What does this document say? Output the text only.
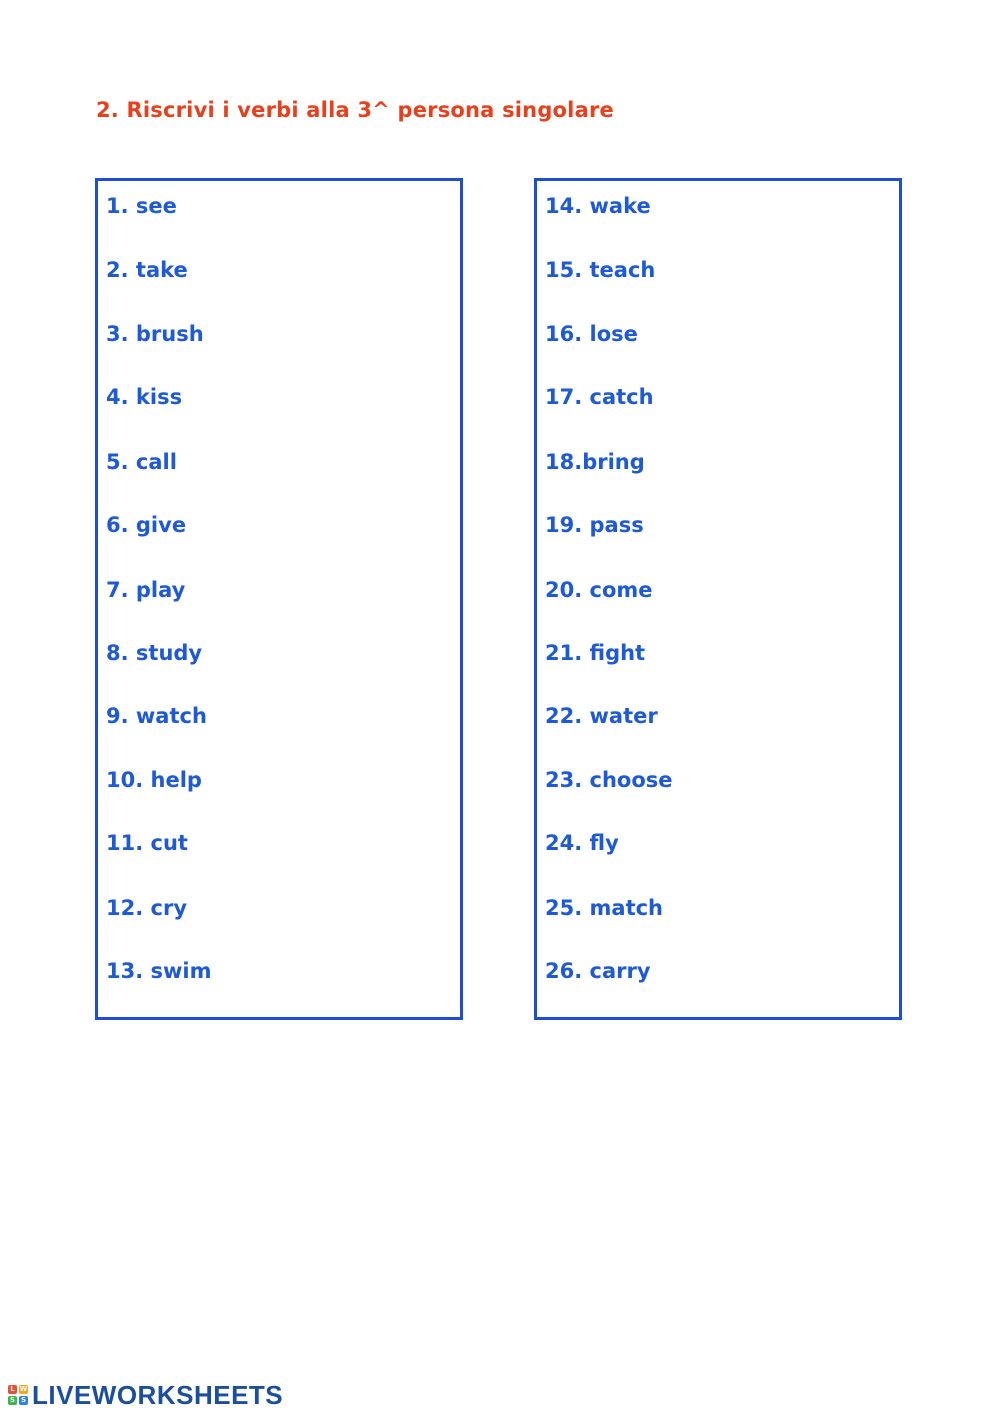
2. Riscrivi i verbi alla 3^ persona singolare
1. see
2. take
3. brush
4. kiss
5. call
6. give
7. play
8. study
9. watch
10. help
11. cut
12. cry
13. swim
14. wake
15. teach
16. lose
17. catch
18.bring
19. pass
20. come
21. fight
22. water
23. choose
24. fly
25. match
26. carry
L W
S S LIVEWORKSHEETS
